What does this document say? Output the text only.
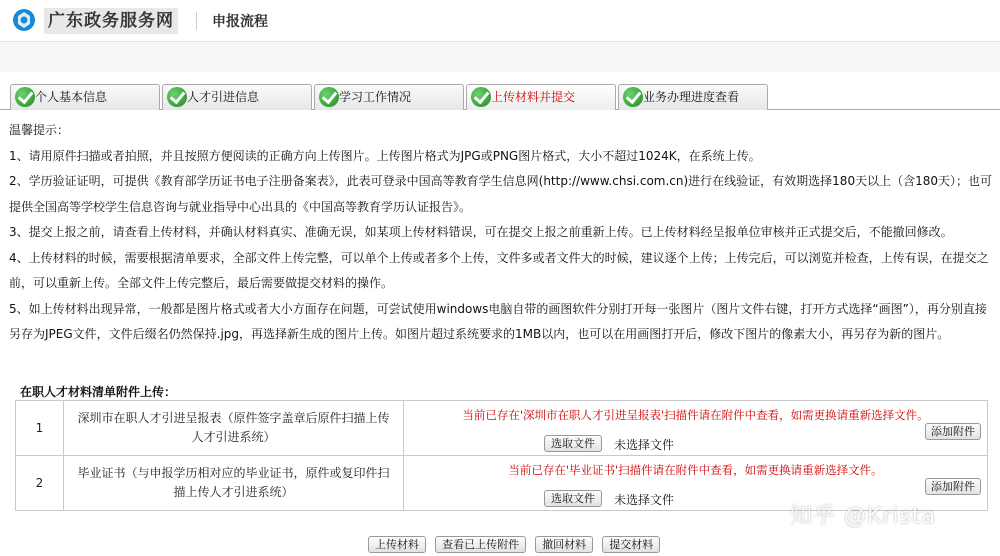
广东政务服务网	申报流程
个人基本信息	人才引进信息	学习工作情况	上传材料并提交	业务办理进度查看

温馨提示：

1、请用原件扫描或者拍照，并且按照方便阅读的正确方向上传图片。上传图片格式为JPG或PNG图片格式，大小不超过1024K，在系统上传。

2、学历验证证明，可提供《教育部学历证书电子注册备案表》，此表可登录中国高等教育学生信息网(http://www.chsi.com.cn)进行在线验证，有效期选择180天以上（含180天）；也可提供全国高等学校学生信息咨询与就业指导中心出具的《中国高等教育学历认证报告》。

3、提交上报之前，请查看上传材料，并确认材料真实、准确无误，如某项上传材料错误，可在提交上报之前重新上传。已上传材料经呈报单位审核并正式提交后，不能撤回修改。

4、上传材料的时候，需要根据清单要求，全部文件上传完整，可以单个上传或者多个上传，文件多或者文件大的时候，建议逐个上传；上传完后，可以浏览并检查，上传有误，在提交之前，可以重新上传。全部文件上传完整后，最后需要做提交材料的操作。

5、如上传材料出现异常，一般都是图片格式或者大小方面存在问题，可尝试使用windows电脑自带的画图软件分别打开每一张图片（图片文件右键，打开方式选择“画图”），再分别直接另存为JPEG文件，文件后缀名仍然保持.jpg，再选择新生成的图片上传。如图片超过系统要求的1MB以内，也可以在用画图打开后，修改下图片的像素大小，再另存为新的图片。

在职人才材料清单附件上传：
1	深圳市在职人才引进呈报表（原件签字盖章后原件扫描上传人才引进系统）	当前已存在'深圳市在职人才引进呈报表'扫描件请在附件中查看，如需更换请重新选择文件。
选取文件 未选择文件
添加附件

2	毕业证书（与申报学历相对应的毕业证书，原件或复印件扫描上传人才引进系统）	当前已存在'毕业证书'扫描件请在附件中查看，如需更换请重新选择文件。
选取文件 未选择文件
添加附件
上传材料 查看已上传附件 撤回材料 提交材料
知乎 @Krista
